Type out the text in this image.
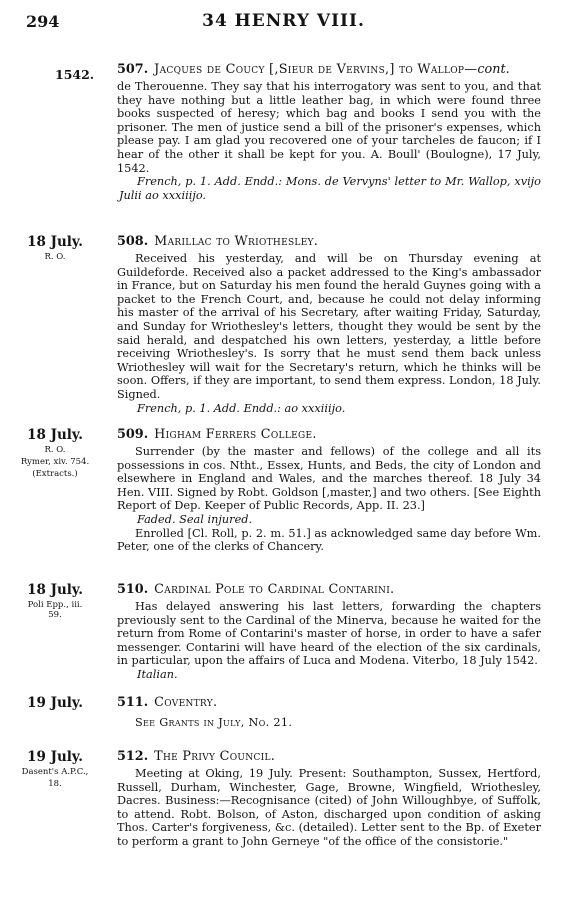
294	34 HENRY VIII.
1542. 507. Jacques de Coucy [,Sieur de Vervins,] to Wallop—cont.

de Therouenne. They say that his interrogatory was sent to you, and that they have nothing but a little leather bag, in which were found three books suspected of heresy; which bag and books I send you with the prisoner. The men of justice send a bill of the prisoner's expenses, which please pay. I am glad you recovered one of your tarcheles de faucon; if I hear of the other it shall be kept for you. A. Boull' (Boulogne), 17 July, 1542.

French, p. 1. Add. Endd.: Mons. de Vervyns' letter to Mr. Wallop, xvijo Julii ao xxxiiijo.

18 July.
R. O.
508. Marillac to Wriothesley.

Received his yesterday, and will be on Thursday evening at Guildeforde. Received also a packet addressed to the King's ambassador in France, but on Saturday his men found the herald Guynes going with a packet to the French Court, and, because he could not delay informing his master of the arrival of his Secretary, after waiting Friday, Saturday, and Sunday for Wriothesley's letters, thought they would be sent by the said herald, and despatched his own letters, yesterday, a little before receiving Wriothesley's. Is sorry that he must send them back unless Wriothesley will wait for the Secretary's return, which he thinks will be soon. Offers, if they are important, to send them express. London, 18 July. Signed.

French, p. 1. Add. Endd.: ao xxxiiijo.

18 July.
R. O.
Rymer, xiv. 754.
(Extracts.)
509. Higham Ferrers College.

Surrender (by the master and fellows) of the college and all its possessions in cos. Ntht., Essex, Hunts, and Beds, the city of London and elsewhere in England and Wales, and the marches thereof. 18 July 34 Hen. VIII. Signed by Robt. Goldson [,master,] and two others. [See Eighth Report of Dep. Keeper of Public Records, App. II. 23.]

Faded. Seal injured.

Enrolled [Cl. Roll, p. 2. m. 51.] as acknowledged same day before Wm. Peter, one of the clerks of Chancery.

18 July.
Poli Epp., iii. 59.
510. Cardinal Pole to Cardinal Contarini.

Has delayed answering his last letters, forwarding the chapters previously sent to the Cardinal of the Minerva, because he waited for the return from Rome of Contarini's master of horse, in order to have a safer messenger. Contarini will have heard of the election of the six cardinals, in particular, upon the affairs of Luca and Modena. Viterbo, 18 July 1542.

Italian.

19 July.	511. Coventry.

See Grants in July, No. 21.

19 July.
Dasent's A.P.C.,
18.
512. The Privy Council.

Meeting at Oking, 19 July. Present: Southampton, Sussex, Hertford, Russell, Durham, Winchester, Gage, Browne, Wingfield, Wriothesley, Dacres. Business:—Recognisance (cited) of John Willoughbye, of Suffolk, to attend. Robt. Bolson, of Aston, discharged upon condition of asking Thos. Carter's forgiveness, &c. (detailed). Letter sent to the Bp. of Exeter to perform a grant to John Gerneye "of the office of the consistorie."
